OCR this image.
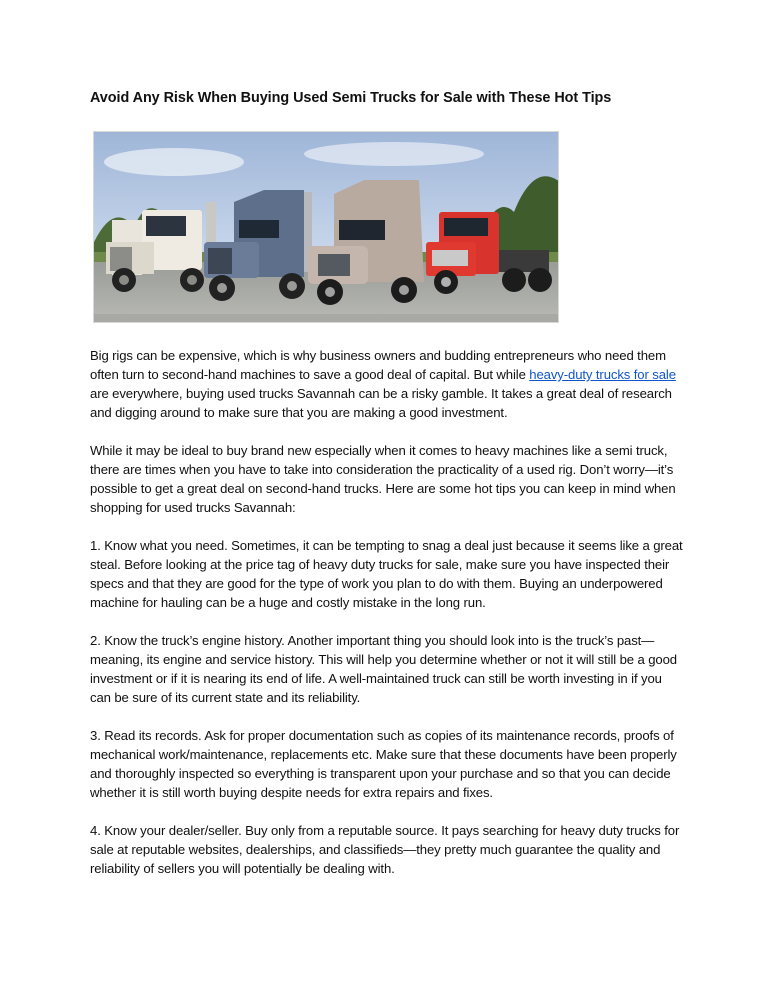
Avoid Any Risk When Buying Used Semi Trucks for Sale with These Hot Tips

Big rigs can be expensive, which is why business owners and budding entrepreneurs who need them often turn to second-hand machines to save a good deal of capital. But while heavy-duty trucks for sale are everywhere, buying used trucks Savannah can be a risky gamble. It takes a great deal of research and digging around to make sure that you are making a good investment.

While it may be ideal to buy brand new especially when it comes to heavy machines like a semi truck, there are times when you have to take into consideration the practicality of a used rig. Don’t worry—it’s possible to get a great deal on second-hand trucks. Here are some hot tips you can keep in mind when shopping for used trucks Savannah:

1. Know what you need. Sometimes, it can be tempting to snag a deal just because it seems like a great steal. Before looking at the price tag of heavy duty trucks for sale, make sure you have inspected their specs and that they are good for the type of work you plan to do with them. Buying an underpowered machine for hauling can be a huge and costly mistake in the long run.

2. Know the truck’s engine history. Another important thing you should look into is the truck’s past—meaning, its engine and service history. This will help you determine whether or not it will still be a good investment or if it is nearing its end of life. A well-maintained truck can still be worth investing in if you can be sure of its current state and its reliability.

3. Read its records. Ask for proper documentation such as copies of its maintenance records, proofs of mechanical work/maintenance, replacements etc. Make sure that these documents have been properly and thoroughly inspected so everything is transparent upon your purchase and so that you can decide whether it is still worth buying despite needs for extra repairs and fixes.

4. Know your dealer/seller. Buy only from a reputable source. It pays searching for heavy duty trucks for sale at reputable websites, dealerships, and classifieds—they pretty much guarantee the quality and reliability of sellers you will potentially be dealing with.
